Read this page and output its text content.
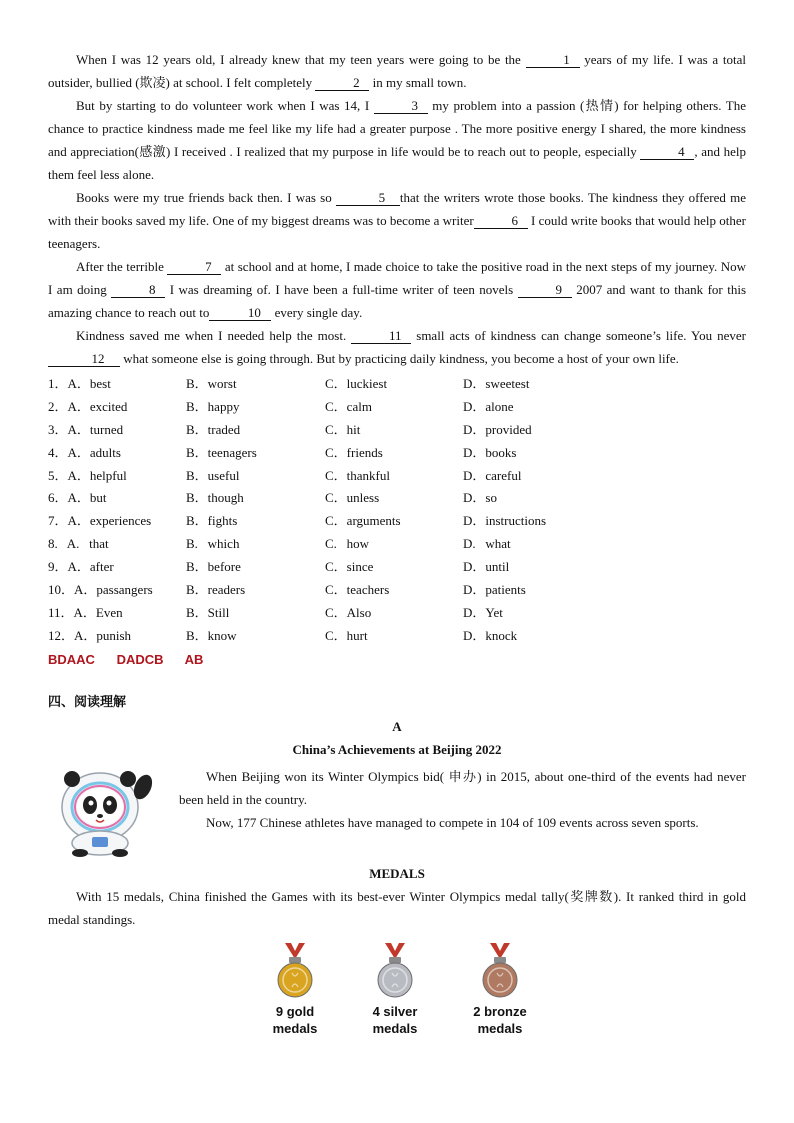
When I was 12 years old, I already knew that my teen years were going to be the	1 years of my life. I was a total outsider, bullied (欺凌) at school. I felt completely	2 in my small town.

But by starting to do volunteer work when I was 14, I	3 my problem into a passion (热情) for helping others. The chance to practice kindness made me feel like my life had a greater purpose . The more positive energy I shared, the more kindness and appreciation(感激) I received . I realized that my purpose in life would be to reach out to people, especially	4 , and help them feel less alone.

Books were my true friends back then. I was so	5 that the writers wrote those books. The kindness they offered me with their books saved my life. One of my biggest dreams was to become a writer	6 I could write books that would help other teenagers.

After the terrible	7 at school and at home, I made choice to take the positive road in the next steps of my journey. Now I am doing	8 I was dreaming of. I have been a full-time writer of teen novels	9 2007 and want to thank for this amazing chance to reach out to	10 every single day.

Kindness saved me when I needed help the most.	11 small acts of kindness can change someone’s life. You never 12 what someone else is going through. But by practicing daily kindness, you become a host of your own life.

1．A．best	B．worst	C．luckiest	D．sweetest
2．A．excited	B．happy	C．calm	D．alone
3．A．turned	B．traded	C．hit	D．provided
4．A．adults	B．teenagers	C．friends	D．books
5．A．helpful	B．useful	C．thankful	D．careful
6．A．but	B．though	C．unless	D．so
7．A．experiences	B．fights	C．arguments	D．instructions
8.   A.   that	B.   which	C.   how	D.   what
9．A．after	B．before	C．since	D．until
10．A．passangers	B．readers	C．teachers	D．patients
11．A．Even	B．Still	C．Also	D．Yet
12．A．punish	B．know	C．hurt	D．knock
BDAAC DADCB AB
四、阅读理解
A
China’s Achievements at Beijing 2022

When Beijing won its Winter Olympics bid( 申办) in 2015, about one-third of the events had never been held in the country.

Now, 177 Chinese athletes have managed to compete in 104 of 109 events across seven sports.

MEDALS

With 15 medals, China finished the Games with its best-ever Winter Olympics medal tally(奖牌数). It ranked third in gold medal standings.

9 gold
medals
4 silver
medals
2 bronze
medals
